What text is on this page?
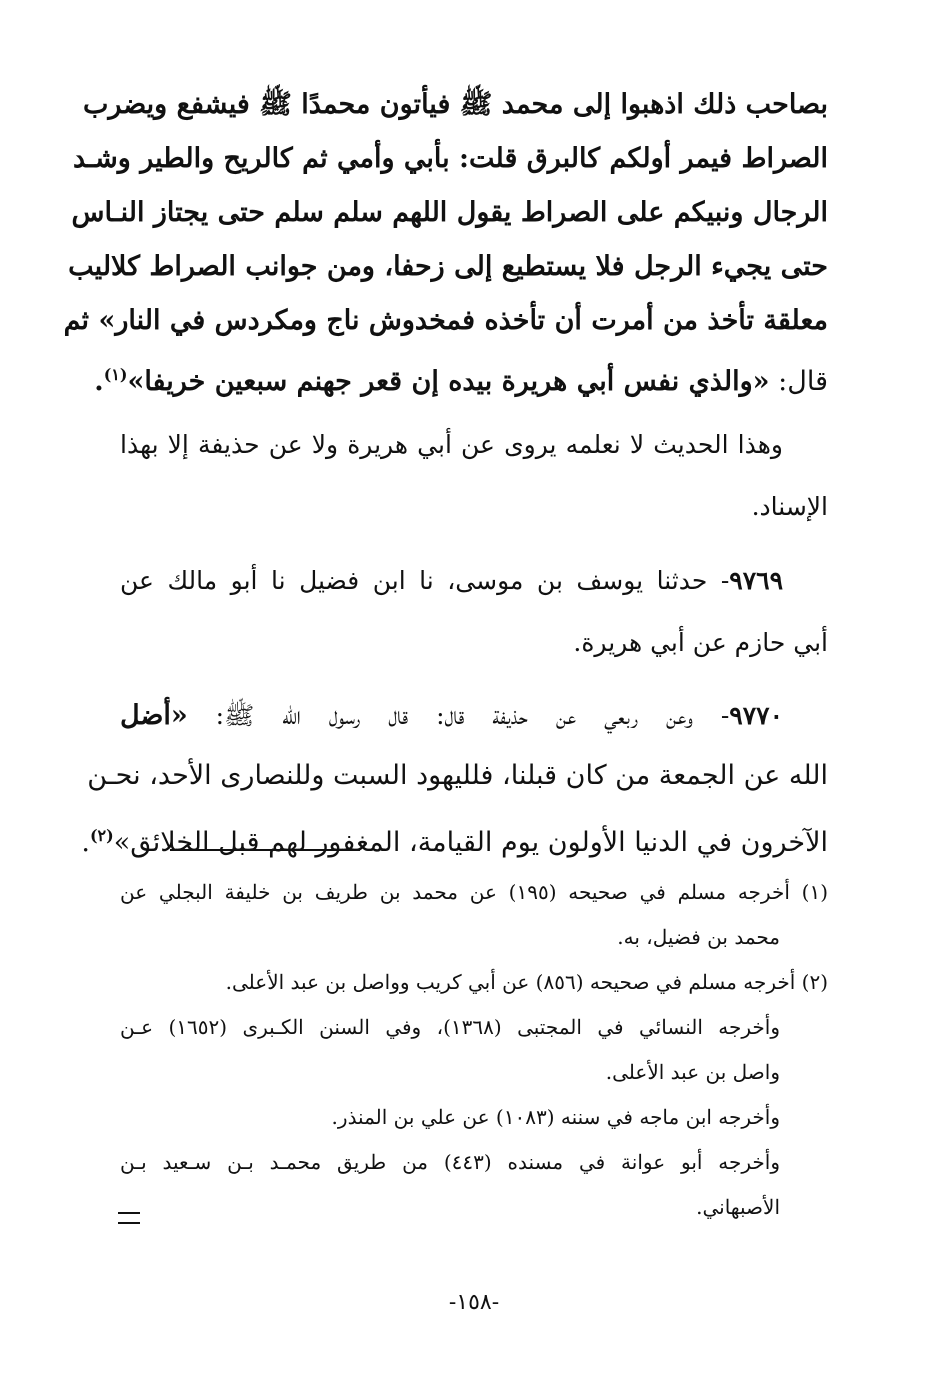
بصاحب ذلك اذهبوا إلى محمد ﷺ فيأتون محمدًا ﷺ فيشفع ويضرب
الصراط فيمر أولكم كالبرق قلت: بأبي وأمي ثم كالريح والطير وشـد
الرجال ونبيكم على الصراط يقول اللهم سلم سلم حتى يجتاز النـاس
حتى يجيء الرجل فلا يستطيع إلى زحفا، ومن جوانب الصراط كلاليب
معلقة تأخذ من أمرت أن تأخذه فمخدوش ناج ومكردس في النار» ثم
قال: «والذي نفس أبي هريرة بيده إن قعر جهنم سبعين خريفا»$^{(١)}$.
وهذا الحديث لا نعلمه يروى عن أبي هريرة ولا عن حذيفة إلا بهذا
الإسناد.
٩٧٦٩- حدثنا يوسف بن موسى، نا ابن فضيل نا أبو مالك عن
أبي حازم عن أبي هريرة.
٩٧٧٠- وعن ربعي عن حذيفة قال: قال رسول الله ﷺ: «أضل
الله عن الجمعة من كان قبلنا، فلليهود السبت وللنصارى الأحد، نحـن
الآخرون في الدنيا الأولون يوم القيامة، المغفور لهم قبل الخلائق»$^{(٢)}$.
(١) أخرجه مسلم في صحيحه (١٩٥) عن محمد بن طريف بن خليفة البجلي عن
محمد بن فضيل، به.
(٢) أخرجه مسلم في صحيحه (٨٥٦) عن أبي كريب وواصل بن عبد الأعلى.
وأخرجه النسائي في المجتبى (١٣٦٨)، وفي السنن الكـبرى (١٦٥٢) عـن
واصل بن عبد الأعلى.
وأخرجه ابن ماجه في سننه (١٠٨٣) عن علي بن المنذر.
وأخرجه أبو عوانة في مسنده (٤٤٣) من طريق محمـد بـن سـعيد بـن
الأصبهاني.
-١٥٨-
